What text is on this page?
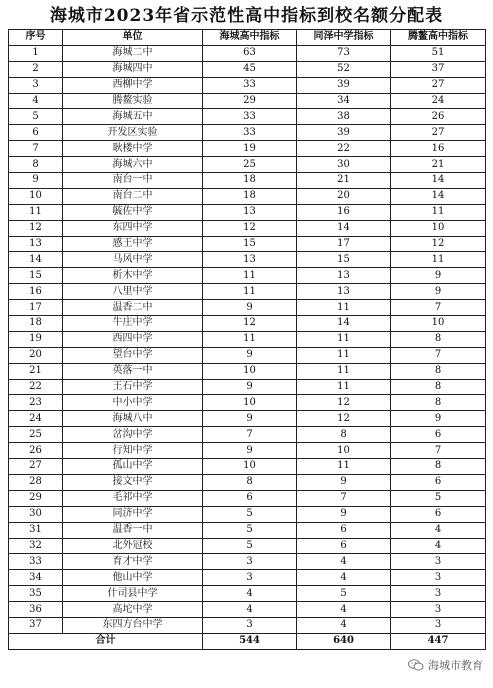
海城市2023年省示范性高中指标到校名额分配表
序号	单位	海城高中指标	同泽中学指标	腾鳌高中指标
1	海城二中	63	73	51
2	海城四中	45	52	37
3	西柳中学	33	39	27
4	腾鳌实验	29	34	24
5	海城五中	33	38	26
6	开发区实验	33	39	27
7	耿楼中学	19	22	16
8	海城六中	25	30	21
9	南台一中	18	21	14
10	南台二中	18	20	14
11	毓佐中学	13	16	11
12	东四中学	12	14	10
13	感王中学	15	17	12
14	马风中学	13	15	11
15	析木中学	11	13	9
16	八里中学	11	13	9
17	温香二中	9	11	7
18	牛庄中学	12	14	10
19	西四中学	11	11	8
20	望台中学	9	11	7
21	英落一中	10	11	8
22	王石中学	9	11	8
23	中小中学	10	12	8
24	海城八中	9	12	9
25	岔沟中学	7	8	6
26	行知中学	9	10	7
27	孤山中学	10	11	8
28	接文中学	8	9	6
29	毛祁中学	6	7	5
30	同济中学	5	9	6
31	温香一中	5	6	4
32	北外冠校	5	6	4
33	育才中学	3	4	3
34	他山中学	3	4	3
35	什司县中学	4	5	3
36	高坨中学	4	4	3
37	东四方台中学	3	4	3
合计		544	640	447
海城市教育
